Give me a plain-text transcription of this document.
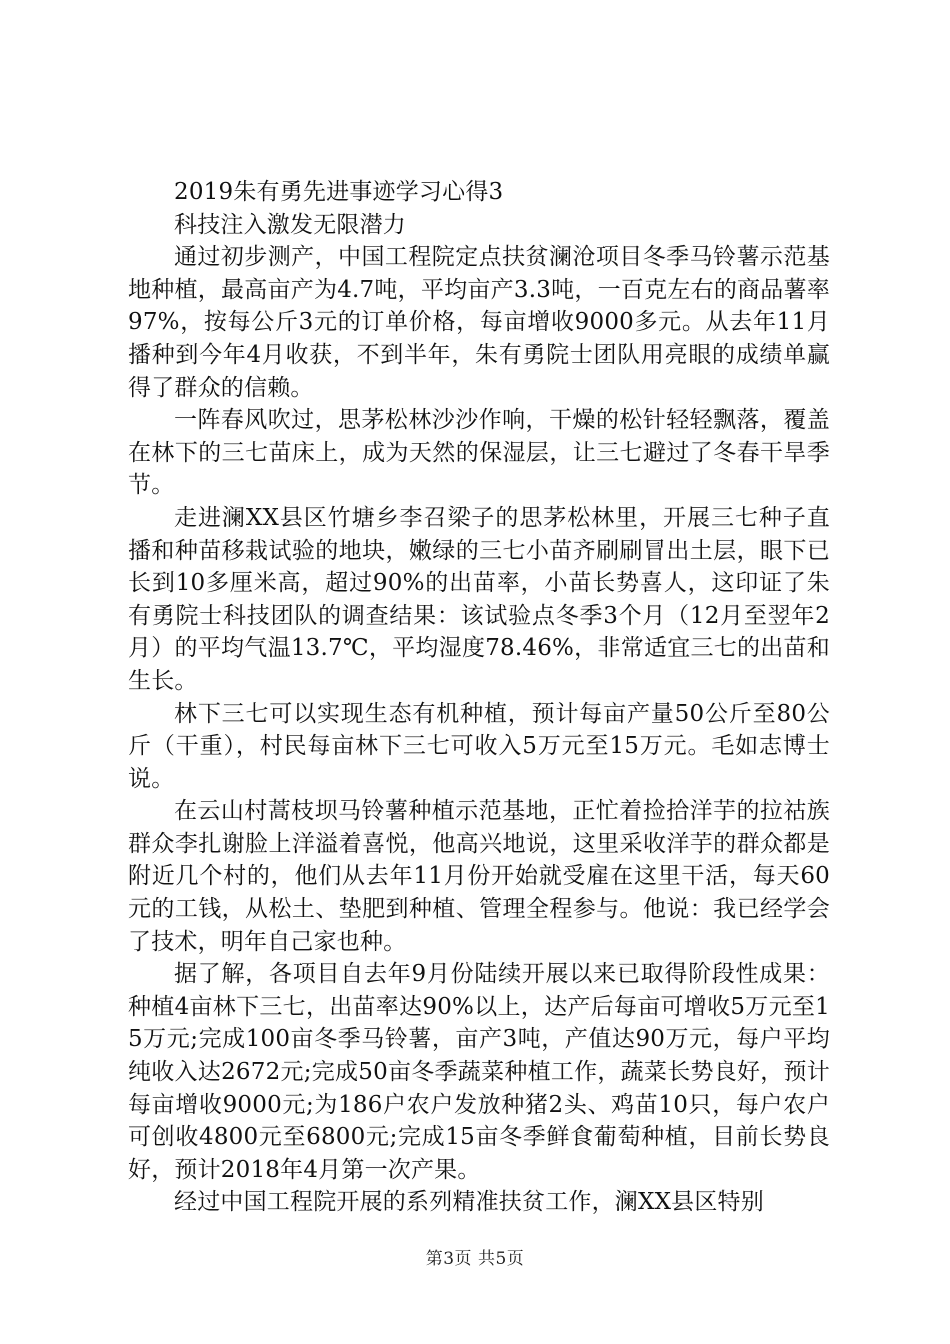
2019朱有勇先进事迹学习心得3

科技注入激发无限潜力

通过初步测产，中国工程院定点扶贫澜沧项目冬季马铃薯示范基地种植，最高亩产为4.7吨，平均亩产3.3吨，一百克左右的商品薯率97%，按每公斤3元的订单价格，每亩增收9000多元。从去年11月播种到今年4月收获，不到半年，朱有勇院士团队用亮眼的成绩单赢得了群众的信赖。

一阵春风吹过，思茅松林沙沙作响，干燥的松针轻轻飘落，覆盖在林下的三七苗床上，成为天然的保湿层，让三七避过了冬春干旱季节。

走进澜XX县区竹塘乡李召梁子的思茅松林里，开展三七种子直播和种苗移栽试验的地块，嫩绿的三七小苗齐刷刷冒出土层，眼下已长到10多厘米高，超过90%的出苗率，小苗长势喜人，这印证了朱有勇院士科技团队的调查结果：该试验点冬季3个月（12月至翌年2月）的平均气温13.7℃，平均湿度78.46%，非常适宜三七的出苗和生长。

林下三七可以实现生态有机种植，预计每亩产量50公斤至80公斤（干重），村民每亩林下三七可收入5万元至15万元。毛如志博士说。

在云山村蒿枝坝马铃薯种植示范基地，正忙着捡拾洋芋的拉祜族群众李扎谢脸上洋溢着喜悦，他高兴地说，这里采收洋芋的群众都是附近几个村的，他们从去年11月份开始就受雇在这里干活，每天60元的工钱，从松土、垫肥到种植、管理全程参与。他说：我已经学会了技术，明年自己家也种。

据了解，各项目自去年9月份陆续开展以来已取得阶段性成果：种植4亩林下三七，出苗率达90%以上，达产后每亩可增收5万元至15万元;完成100亩冬季马铃薯，亩产3吨，产值达90万元，每户平均纯收入达2672元;完成50亩冬季蔬菜种植工作，蔬菜长势良好，预计每亩增收9000元;为186户农户发放种猪2头、鸡苗10只，每户农户可创收4800元至6800元;完成15亩冬季鲜食葡萄种植，目前长势良好，预计2018年4月第一次产果。

经过中国工程院开展的系列精准扶贫工作，澜XX县区特别

第3页 共5页
